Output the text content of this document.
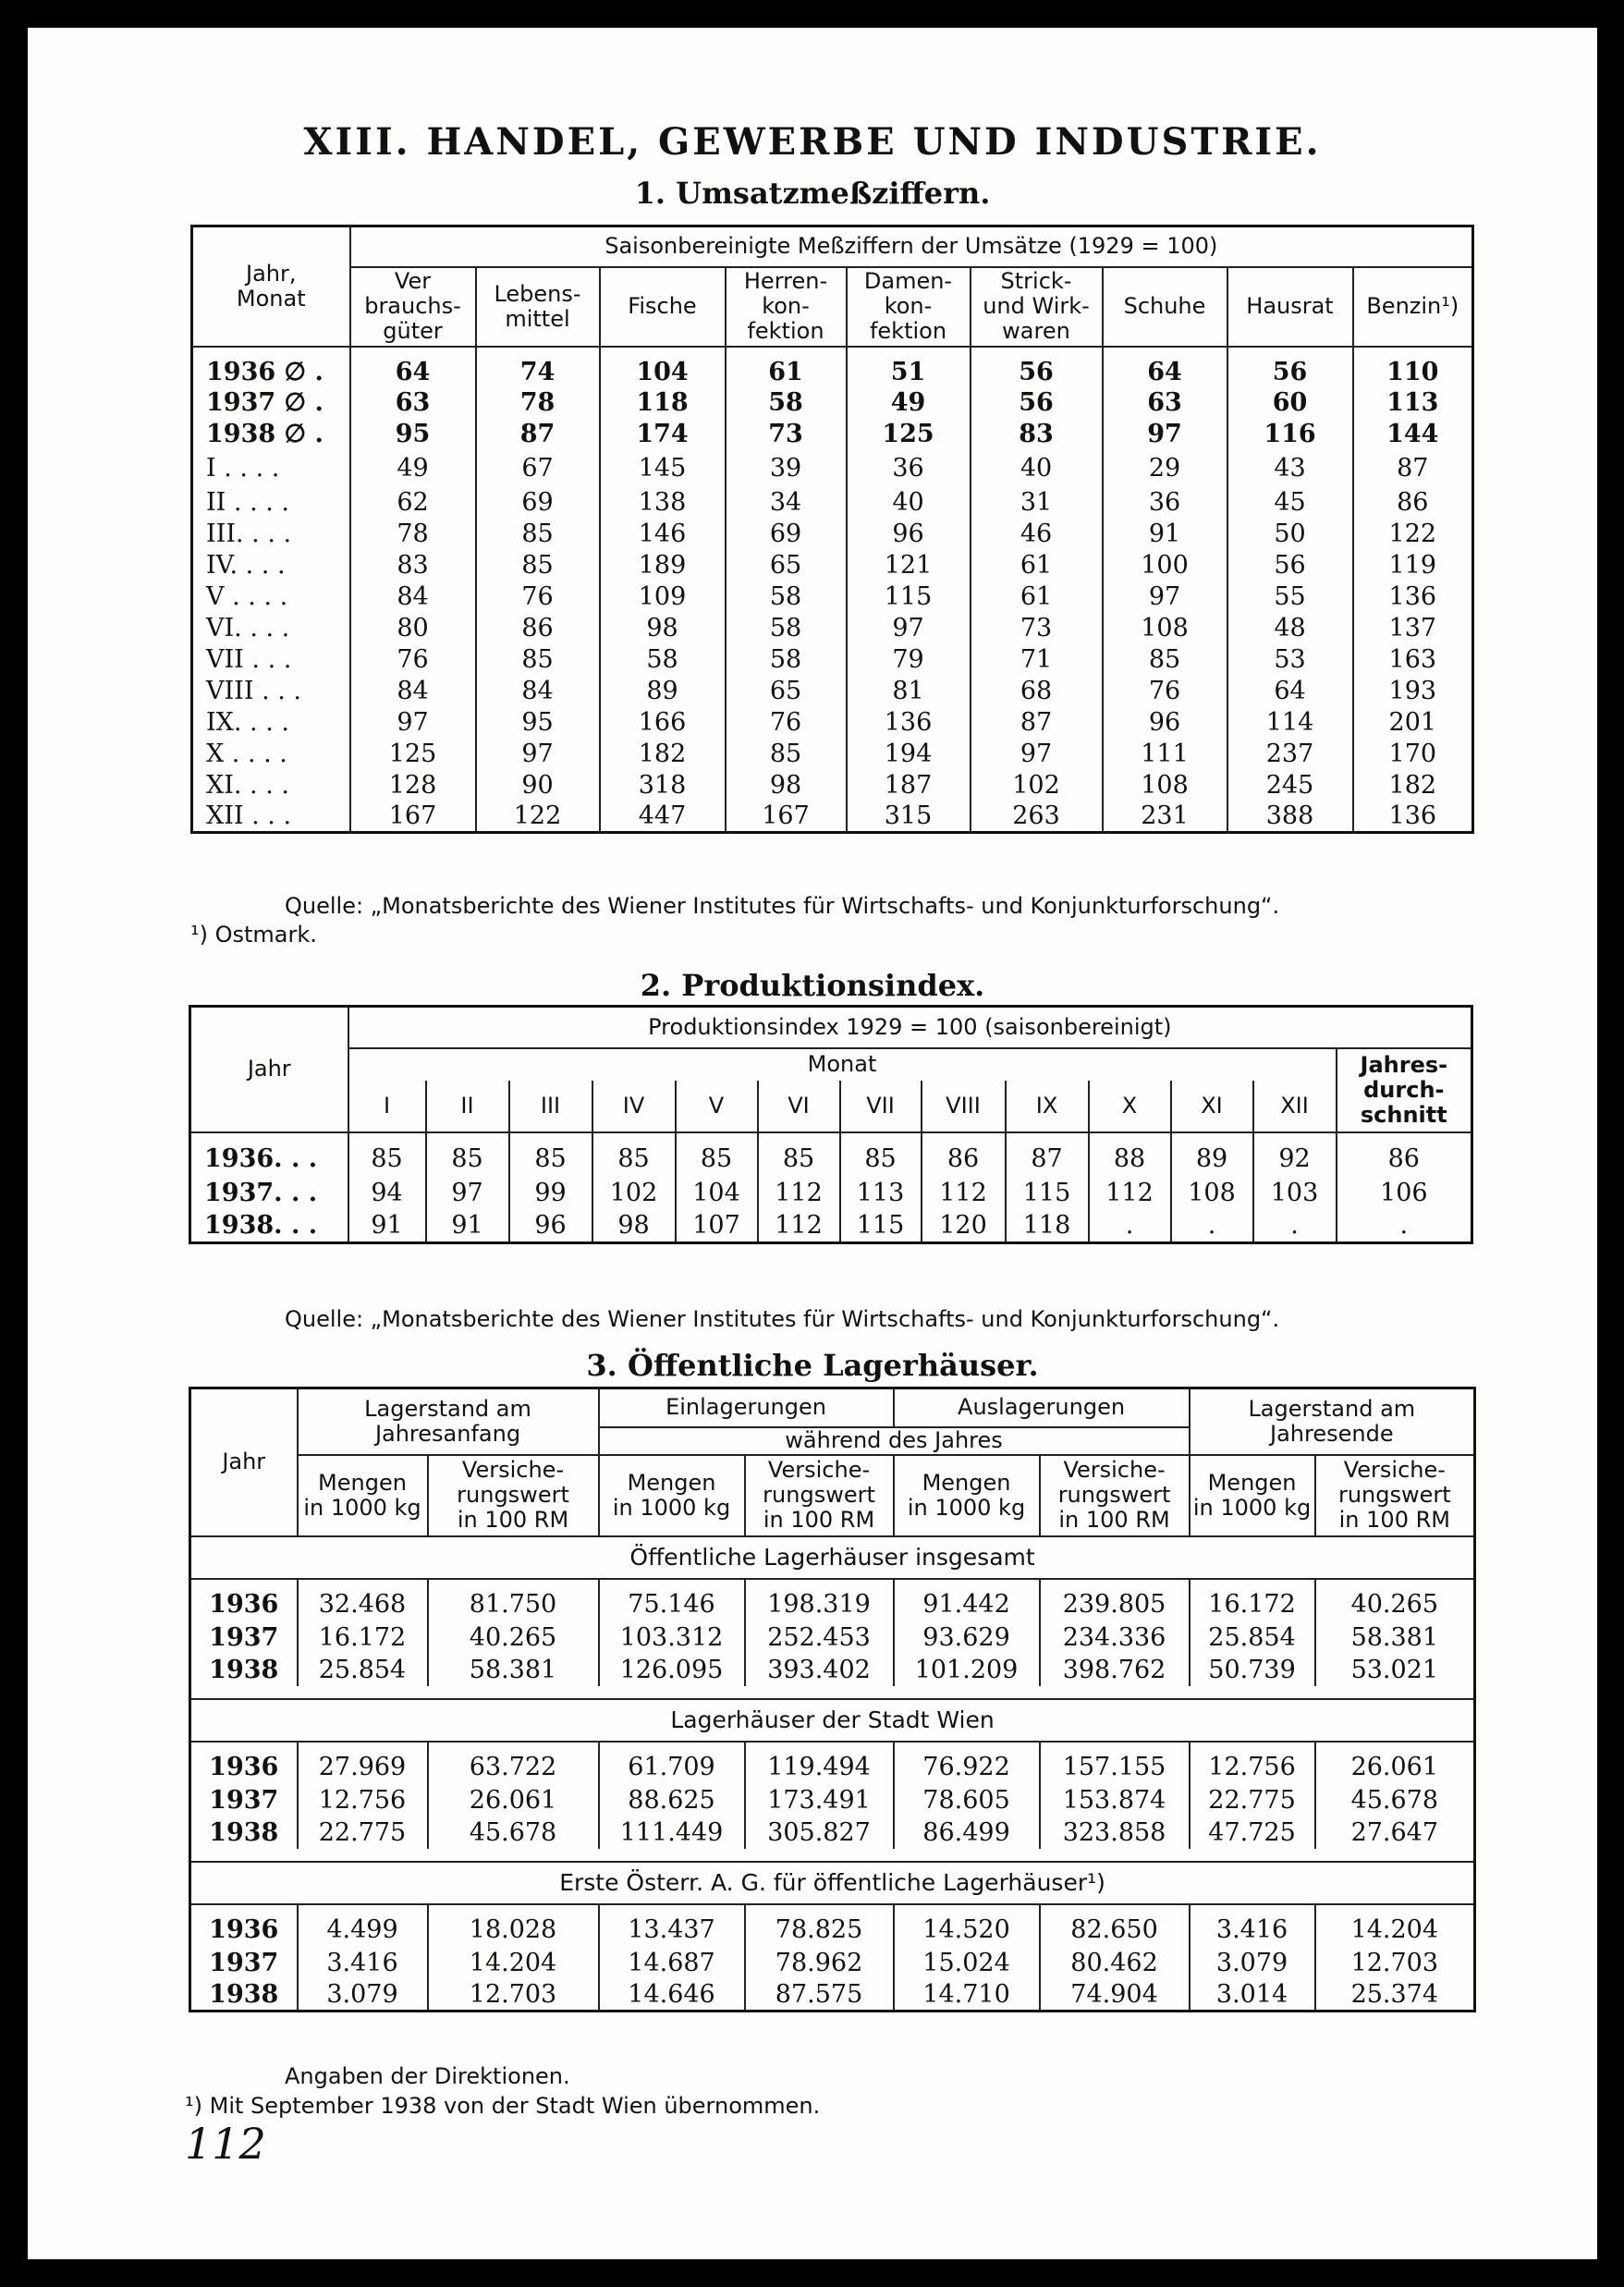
XIII. HANDEL, GEWERBE UND INDUSTRIE.
1. Umsatzmeßziffern.
Jahr,
Monat	Saisonbereinigte Meßziffern der Umsätze (1929 = 100)								
	Ver
brauchs-
güter	Lebens-
mittel	Fische	Herren-
kon-
fektion	Damen-
kon-
fektion	Strick-
und Wirk-
waren	Schuhe	Hausrat	Benzin¹)
1936 ∅ .	64	74	104	61	51	56	64	56	110
1937 ∅ .	63	78	118	58	49	56	63	60	113
1938 ∅ .	95	87	174	73	125	83	97	116	144
I . . . .	49	67	145	39	36	40	29	43	87
II . . . .	62	69	138	34	40	31	36	45	86
III. . . .	78	85	146	69	96	46	91	50	122
IV. . . .	83	85	189	65	121	61	100	56	119
V . . . .	84	76	109	58	115	61	97	55	136
VI. . . .	80	86	98	58	97	73	108	48	137
VII . . .	76	85	58	58	79	71	85	53	163
VIII . . .	84	84	89	65	81	68	76	64	193
IX. . . .	97	95	166	76	136	87	96	114	201
X . . . .	125	97	182	85	194	97	111	237	170
XI. . . .	128	90	318	98	187	102	108	245	182
XII . . .	167	122	447	167	315	263	231	388	136
Quelle: „Monatsberichte des Wiener Institutes für Wirtschafts- und Konjunkturforschung“.
¹) Ostmark.
2. Produktionsindex.
Jahr	Produktionsindex 1929 = 100 (saisonbereinigt)												
	Monat												Jahres-
durch-
schnitt
	I	II	III	IV	V	VI	VII	VIII	IX	X	XI	XII	
1936. . .	85	85	85	85	85	85	85	86	87	88	89	92	86
1937. . .	94	97	99	102	104	112	113	112	115	112	108	103	106
1938. . .	91	91	96	98	107	112	115	120	118	.	.	.	.
Quelle: „Monatsberichte des Wiener Institutes für Wirtschafts- und Konjunkturforschung“.
3. Öffentliche Lagerhäuser.
Jahr	Lagerstand am
Jahresanfang		Einlagerungen		Auslagerungen		Lagerstand am
Jahresende	
			während des Jahres					
	Mengen
in 1000 kg	Versiche-
rungswert
in 100 RM	Mengen
in 1000 kg	Versiche-
rungswert
in 100 RM	Mengen
in 1000 kg	Versiche-
rungswert
in 100 RM	Mengen
in 1000 kg	Versiche-
rungswert
in 100 RM
Öffentliche Lagerhäuser insgesamt								
1936	32.468	81.750	75.146	198.319	91.442	239.805	16.172	40.265
1937	16.172	40.265	103.312	252.453	93.629	234.336	25.854	58.381
1938	25.854	58.381	126.095	393.402	101.209	398.762	50.739	53.021

Lagerhäuser der Stadt Wien								
1936	27.969	63.722	61.709	119.494	76.922	157.155	12.756	26.061
1937	12.756	26.061	88.625	173.491	78.605	153.874	22.775	45.678
1938	22.775	45.678	111.449	305.827	86.499	323.858	47.725	27.647

Erste Österr. A. G. für öffentliche Lagerhäuser¹)								
1936	4.499	18.028	13.437	78.825	14.520	82.650	3.416	14.204
1937	3.416	14.204	14.687	78.962	15.024	80.462	3.079	12.703
1938	3.079	12.703	14.646	87.575	14.710	74.904	3.014	25.374
Angaben der Direktionen.
¹) Mit September 1938 von der Stadt Wien übernommen.
112
